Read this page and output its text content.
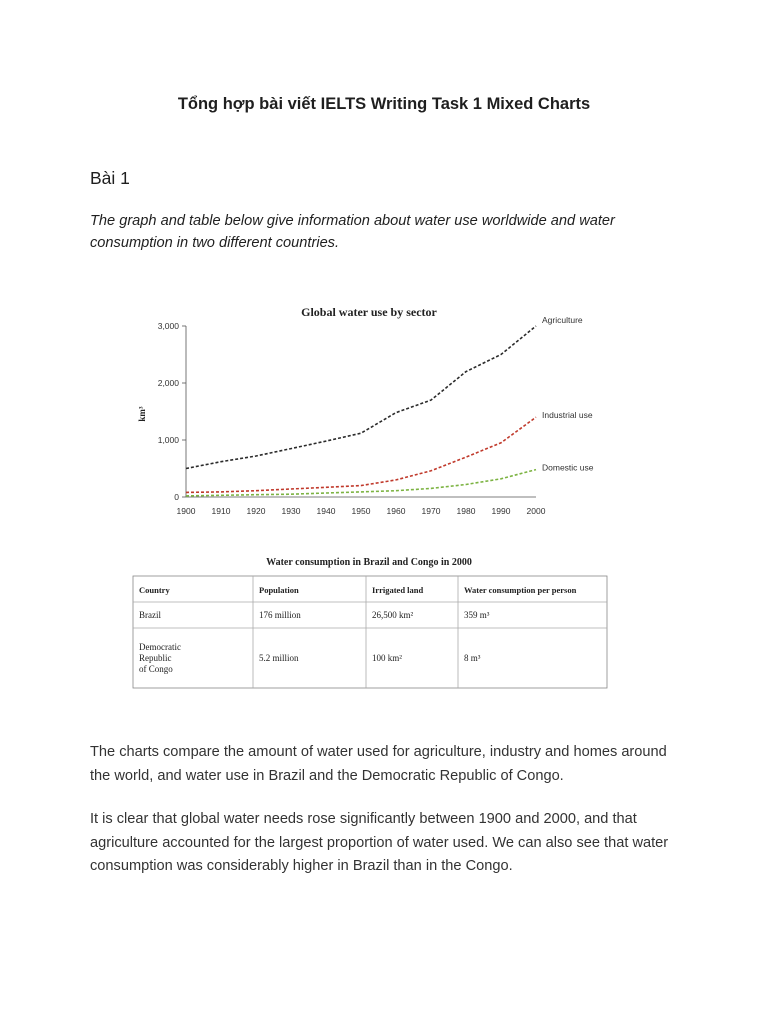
Tổng hợp bài viết IELTS Writing Task 1 Mixed Charts
Bài 1
The graph and table below give information about water use worldwide and water consumption in two different countries.
Global water use by sector
km³
0
1,000
2,000
3,000
1900 1910 1920 1930 1940 1950 1960 1970 1980 1990 2000
Agriculture
Industrial use
Domestic use
Water consumption in Brazil and Congo in 2000
Country	Population	Irrigated land	Water consumption per person
Brazil	176 million	26,500 km²	359 m³
Democratic
Republic
of Congo
5.2 million	100 km²	8 m³
The charts compare the amount of water used for agriculture, industry and homes around the world, and water use in Brazil and the Democratic Republic of Congo.
It is clear that global water needs rose significantly between 1900 and 2000, and that agriculture accounted for the largest proportion of water used. We can also see that water consumption was considerably higher in Brazil than in the Congo.
